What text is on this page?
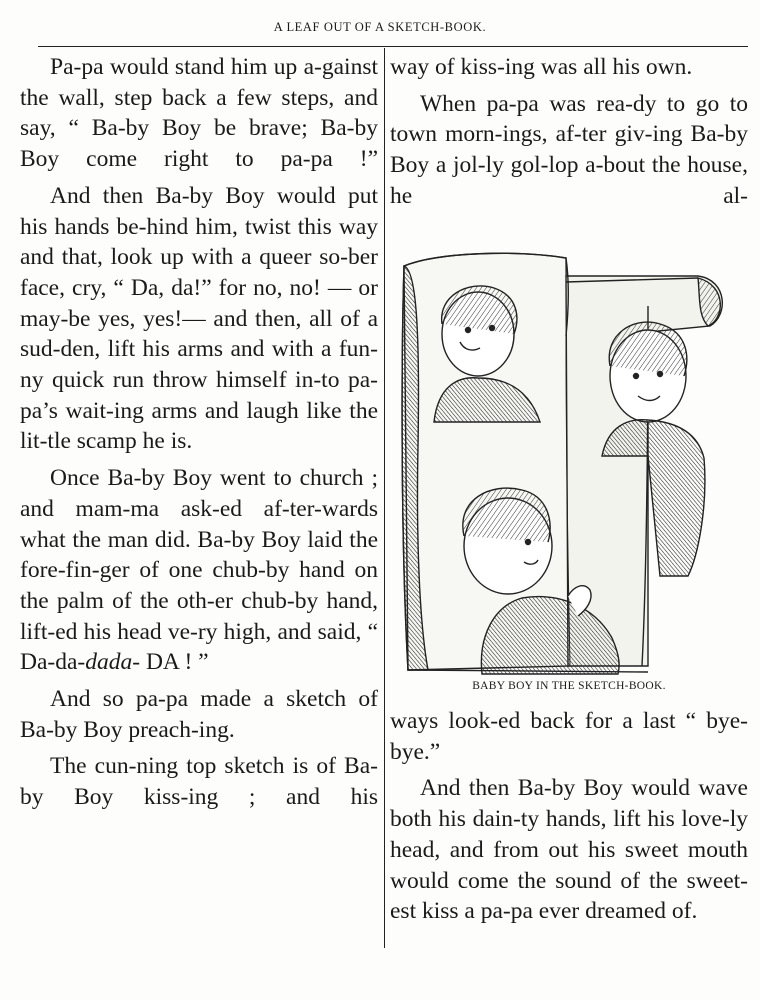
A LEAF OUT OF A SKETCH-BOOK.

Pa-pa would stand him up a-gainst the wall, step back a few steps, and say, “ Ba-by Boy be brave; Ba-by Boy come right to pa-pa !”

And then Ba-by Boy would put his hands be-hind him, twist this way and that, look up with a queer so-ber face, cry, “ Da, da!” for no, no! — or may-be yes, yes!— and then, all of a sud-den, lift his arms and with a fun-ny quick run throw himself in-to pa-pa’s wait-ing arms and laugh like the lit-tle scamp he is.

Once Ba-by Boy went to church ; and mam-ma ask-ed af-ter-wards what the man did. Ba-by Boy laid the fore-fin-ger of one chub-by hand on the palm of the oth-er chub-by hand, lift-ed his head ve-ry high, and said, “ Da-da-dada- DA ! ”

And so pa-pa made a sketch of Ba-by Boy preach-ing.

The cun-ning top sketch is of Ba-by Boy kiss-ing ; and his

way of kiss-ing was all his own.

When pa-pa was rea-dy to go to town morn-ings, af-ter giv-ing Ba-by Boy a jol-ly gol-lop a-bout the house, he al-

BABY BOY IN THE SKETCH-BOOK.

ways look-ed back for a last “ bye-bye.”

And then Ba-by Boy would wave both his dain-ty hands, lift his love-ly head, and from out his sweet mouth would come the sound of the sweet-est kiss a pa-pa ever dreamed of.
